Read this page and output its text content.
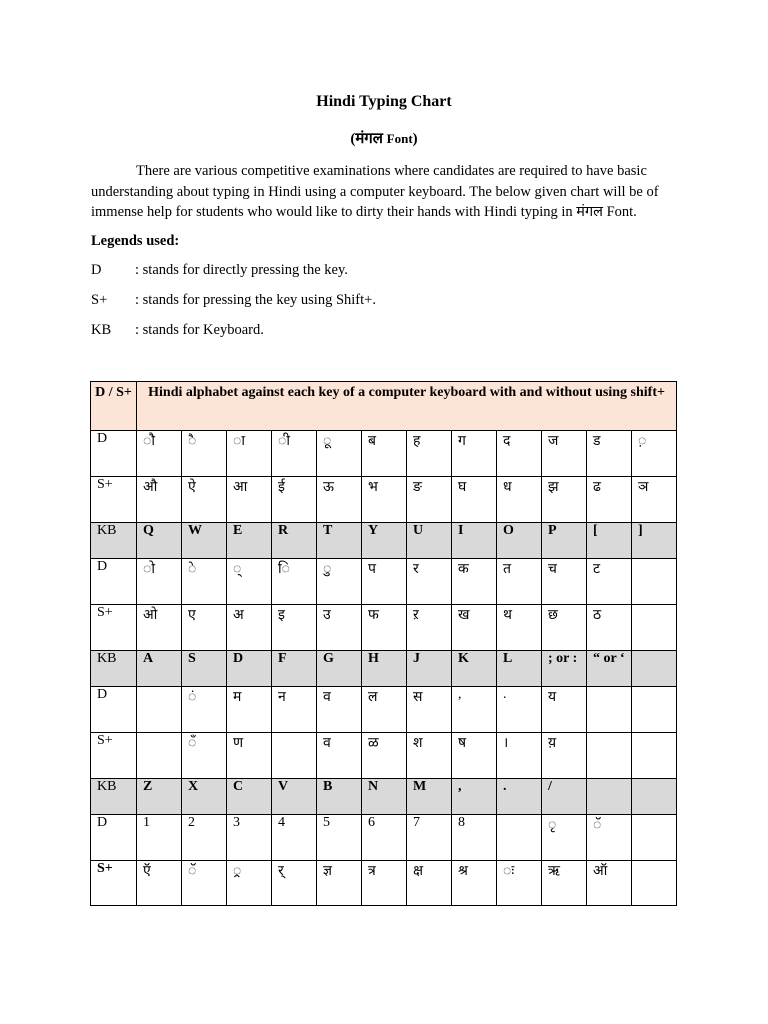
Hindi Typing Chart
(मंगल Font)

There are various competitive examinations where candidates are required to have basic understanding about typing in Hindi using a computer keyboard. The below given chart will be of immense help for students who would like to dirty their hands with Hindi typing in मंगल Font.

Legends used:
D : stands for directly pressing the key.
S+ : stands for pressing the key using Shift+.
KB : stands for Keyboard.
D / S+	Hindi alphabet against each key of a computer keyboard with and without using shift+											
D	ौ	ै	ा	ी	ू	ब	ह	ग	द	ज	ड	़
S+	औ	ऐ	आ	ई	ऊ	भ	ङ	घ	ध	झ	ढ	ञ
KB	Q	W	E	R	T	Y	U	I	O	P	[	]
D	ो	े	्	ि	ु	प	र	क	त	च	ट	
S+	ओ	ए	अ	इ	उ	फ	ऱ	ख	थ	छ	ठ	
KB	A	S	D	F	G	H	J	K	L	; or :	“ or ‘	
D		ं	म	न	व	ल	स	,	.	य		
S+		ँ	ण		व	ळ	श	ष	।	य़		
KB	Z	X	C	V	B	N	M	,	.	/		
D	1	2	3	4	5	6	7	8		ृ	ॅ	
S+	ऍ	ॅ	्र	र्	ज्ञ	त्र	क्ष	श्र	ः	ऋ	ऑ	
